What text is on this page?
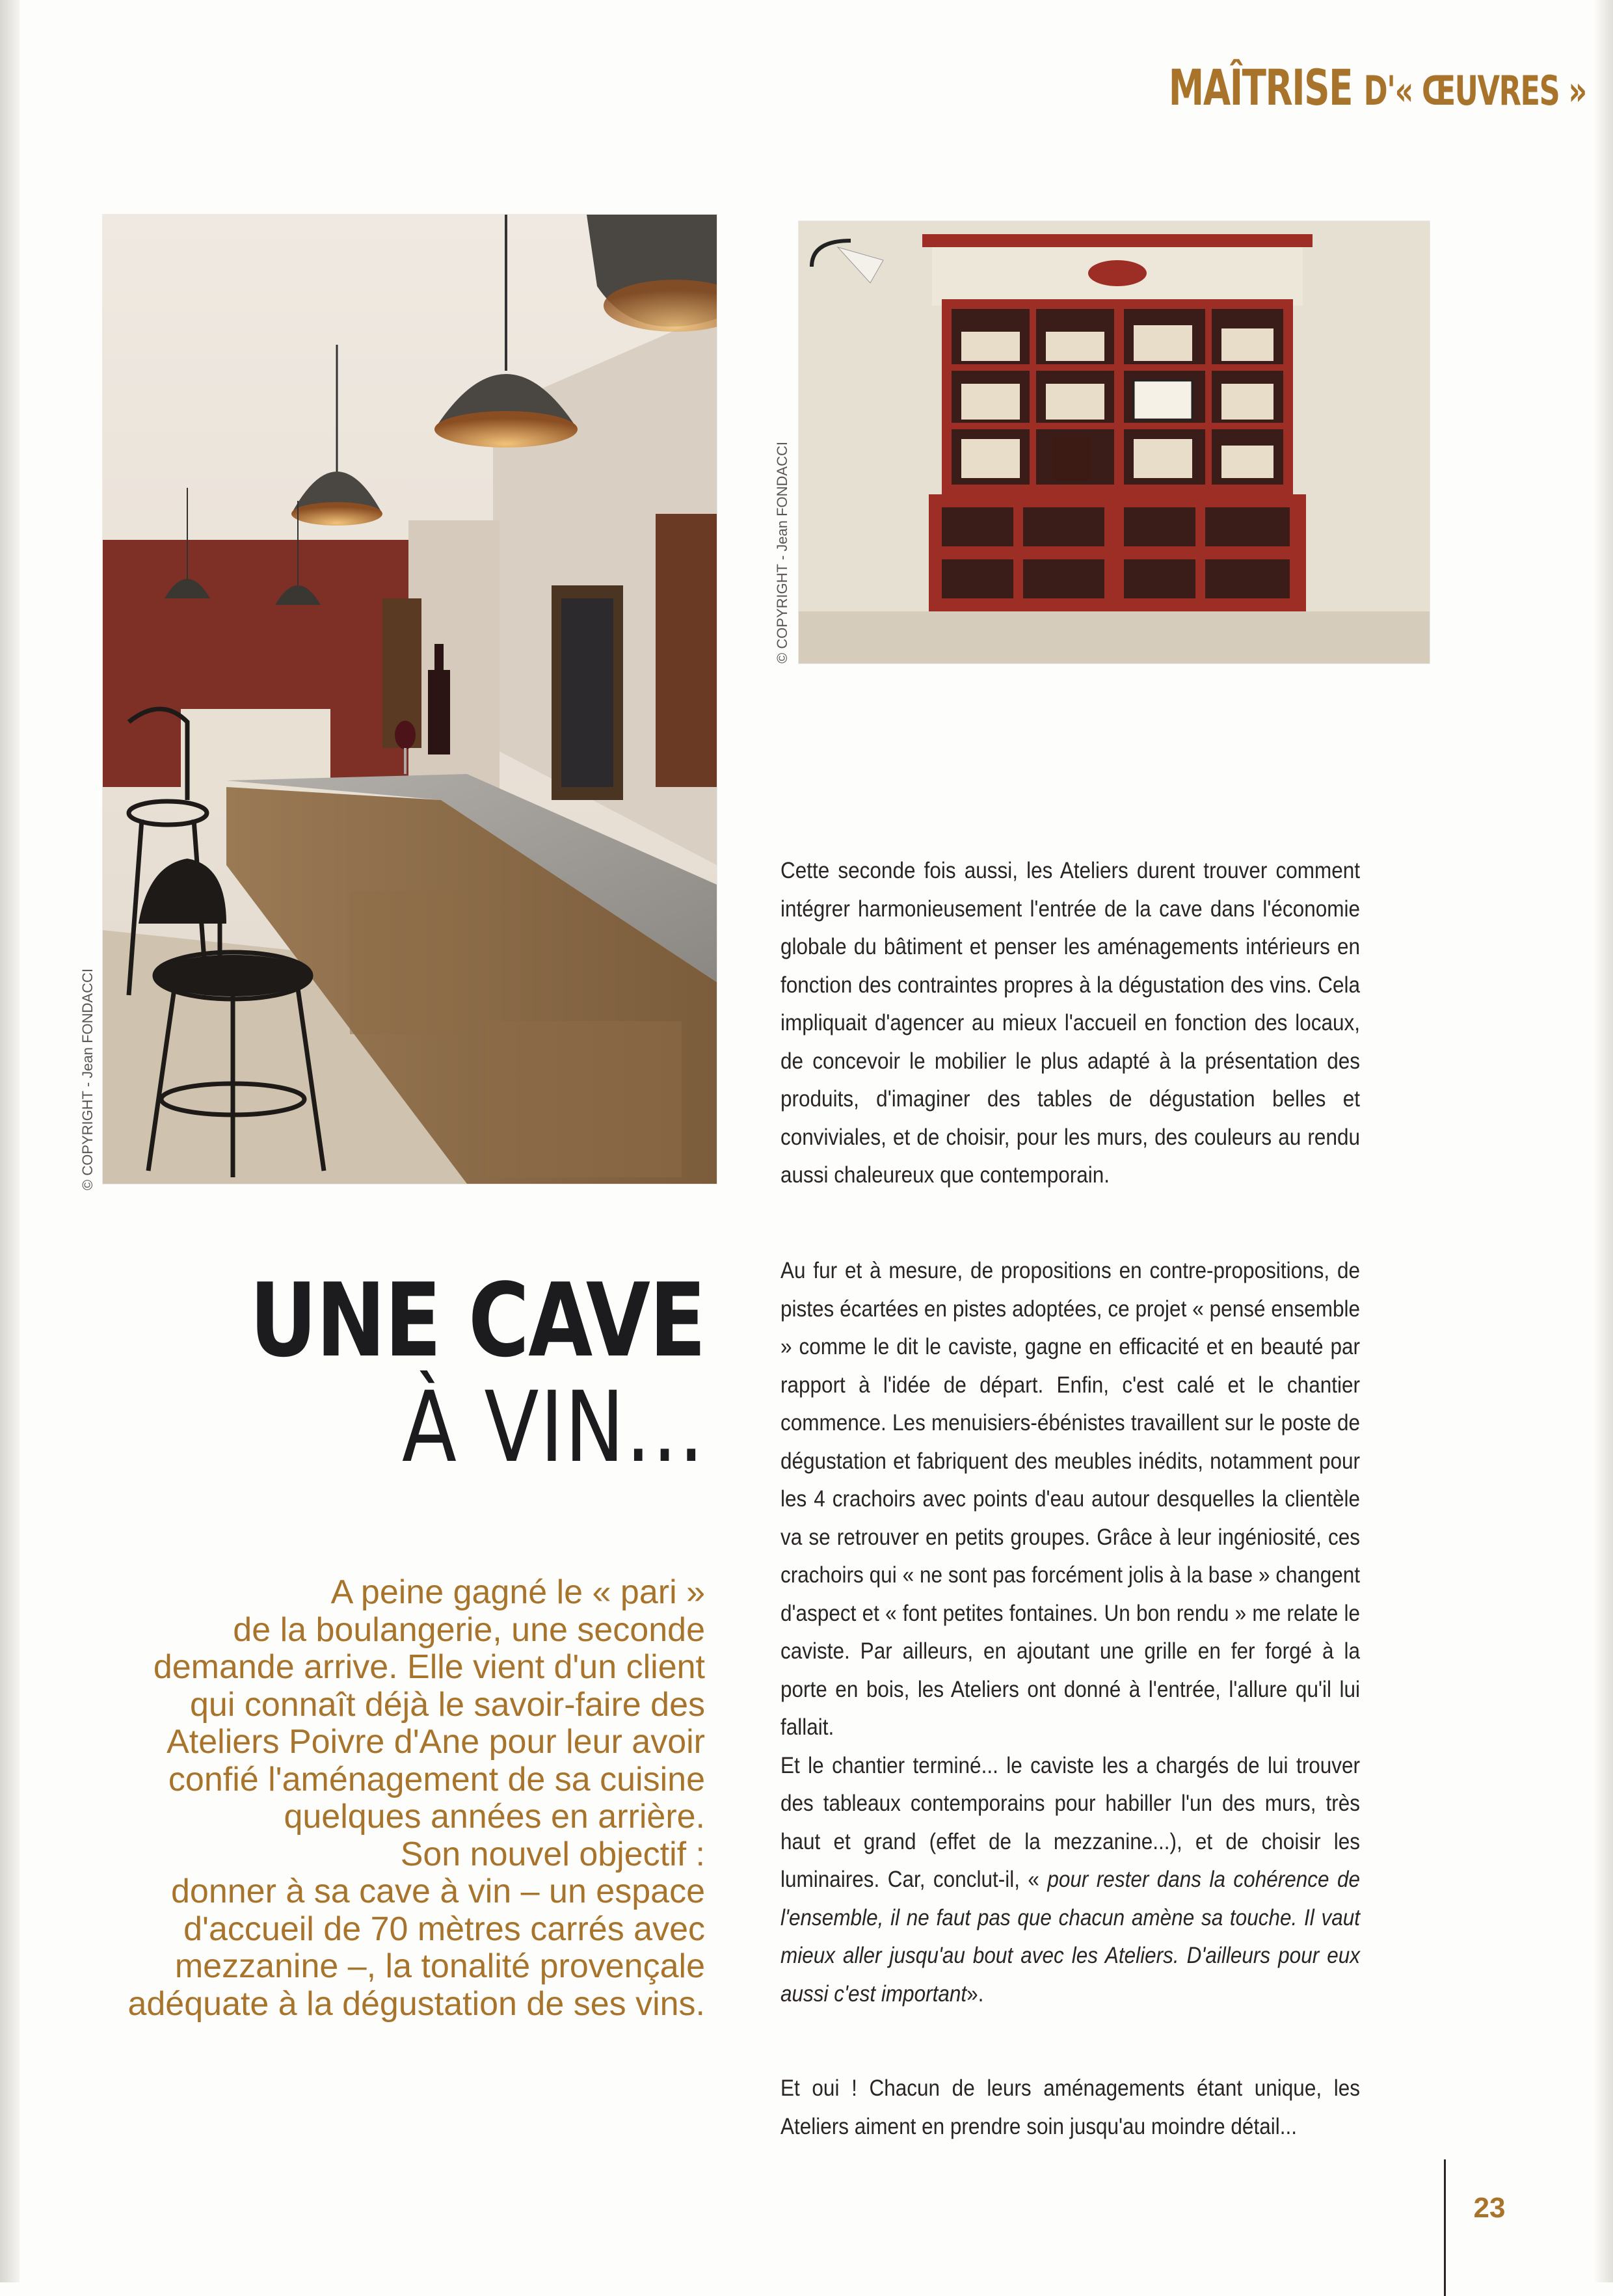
MAÎTRISE D'« ŒUVRES »
© COPYRIGHT - Jean FONDACCI
© COPYRIGHT - Jean FONDACCI

Cette seconde fois aussi, les Ateliers durent trouver comment intégrer harmonieusement l'entrée de la cave dans l'économie globale du bâtiment et penser les aménagements intérieurs en fonction des contraintes propres à la dégustation des vins. Cela impliquait d'agencer au mieux l'accueil en fonction des locaux, de concevoir le mobilier le plus adapté à la présentation des produits, d'imaginer des tables de dégustation belles et conviviales, et de choisir, pour les murs, des couleurs au rendu aussi chaleureux que contemporain.

UNE CAVE
À VIN...
A peine gagné le « pari »
de la boulangerie, une seconde
demande arrive. Elle vient d'un client
qui connaît déjà le savoir-faire des
Ateliers Poivre d'Ane pour leur avoir
confié l'aménagement de sa cuisine
quelques années en arrière.
Son nouvel objectif :
donner à sa cave à vin – un espace
d'accueil de 70 mètres carrés avec
mezzanine –, la tonalité provençale
adéquate à la dégustation de ses vins.

Au fur et à mesure, de propositions en contre-propositions, de pistes écartées en pistes adoptées, ce projet « pensé ensemble » comme le dit le caviste, gagne en efficacité et en beauté par rapport à l'idée de départ. Enfin, c'est calé et le chantier commence. Les menuisiers-ébénistes travaillent sur le poste de dégustation et fabriquent des meubles inédits, notamment pour les 4 crachoirs avec points d'eau autour desquelles la clientèle va se retrouver en petits groupes. Grâce à leur ingéniosité, ces crachoirs qui « ne sont pas forcément jolis à la base » changent d'aspect et « font petites fontaines. Un bon rendu » me relate le caviste. Par ailleurs, en ajoutant une grille en fer forgé à la porte en bois, les Ateliers ont donné à l'entrée, l'allure qu'il lui fallait.

Et le chantier terminé... le caviste les a chargés de lui trouver des tableaux contemporains pour habiller l'un des murs, très haut et grand (effet de la mezzanine...), et de choisir les luminaires. Car, conclut-il, « pour rester dans la cohérence de l'ensemble, il ne faut pas que chacun amène sa touche. Il vaut mieux aller jusqu'au bout avec les Ateliers. D'ailleurs pour eux aussi c'est important».

Et oui ! Chacun de leurs aménagements étant unique, les Ateliers aiment en prendre soin jusqu'au moindre détail...

23
